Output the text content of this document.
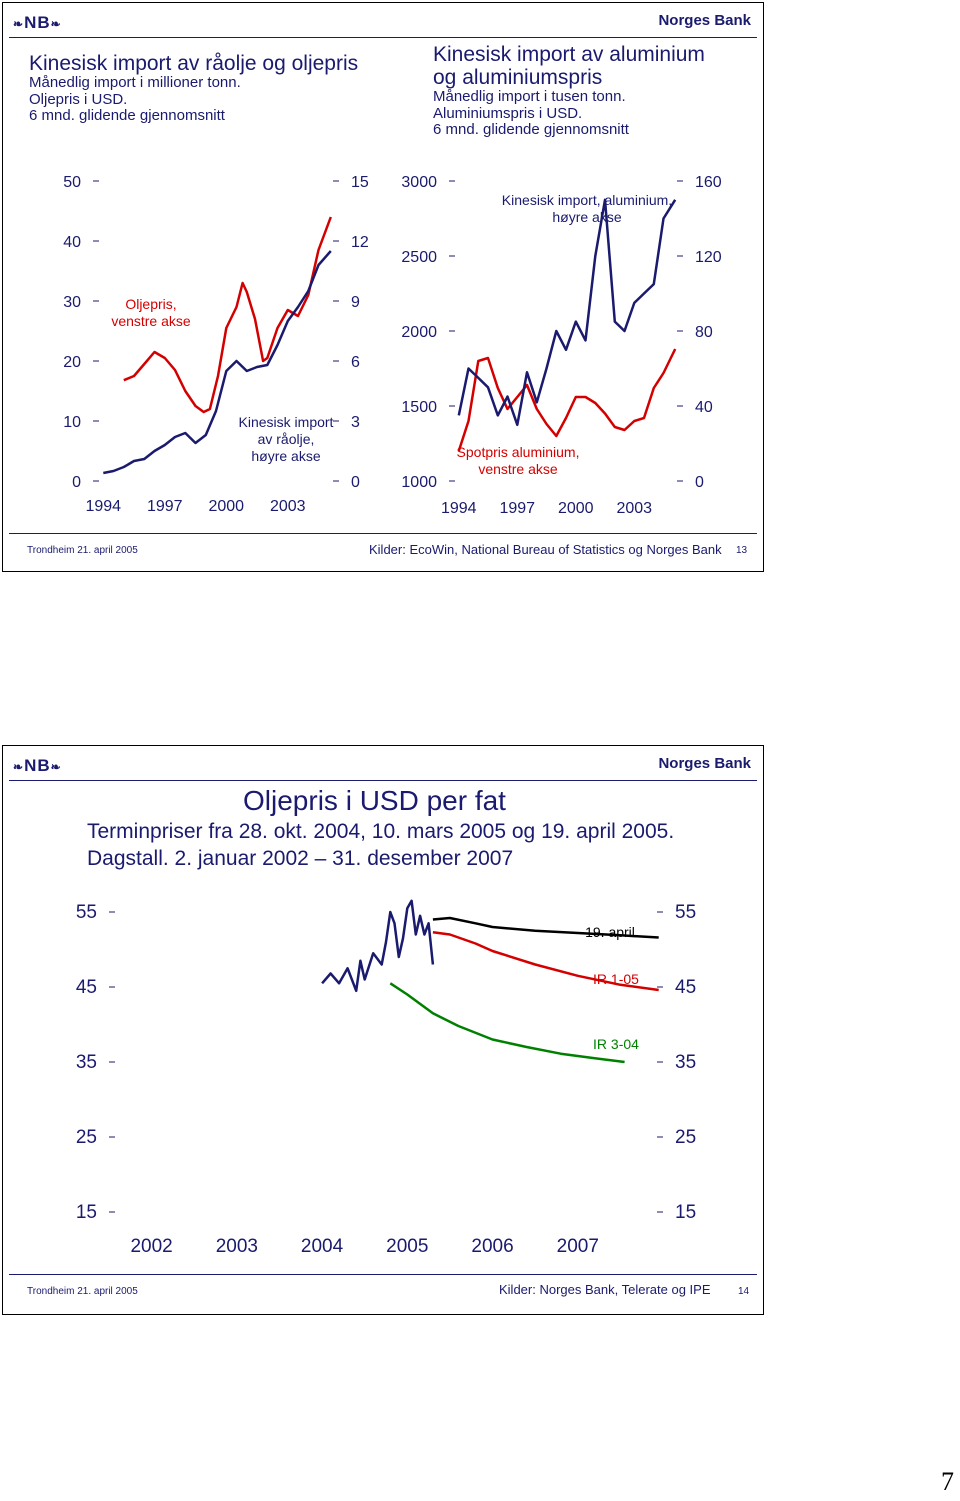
❧NB❧	Norges Bank
Kinesisk import av råolje og oljepris
Månedlig import i millioner tonn.
Oljepris i USD.
6 mnd. glidende gjennomsnitt
Kinesisk import av aluminium
og aluminiumspris
Månedlig import i tusen tonn.
Aluminiumspris i USD.
6 mnd. glidende gjennomsnitt
50
40
30
20
10
0
15
12
9
6
3
0
1994 1997 2000 2003
Oljepris,
venstre akse
Kinesisk import
av råolje,
høyre akse
3000
2500
2000
1500
1000
160
120
80
40
0
1994 1997 2000 2003
Kinesisk import, aluminium,
høyre akse
Spotpris aluminium,
venstre akse
Trondheim 21. april 2005	Kilder: EcoWin, National Bureau of Statistics og Norges Bank 13
❧NB❧	Norges Bank
Oljepris i USD per fat
Terminpriser fra 28. okt. 2004, 10. mars 2005 og 19. april 2005.
Dagstall. 2. januar 2002 – 31. desember 2007
55
45
35
25
15
55
45
35
25
15
2002 2003 2004 2005 2006 2007
19. april
IR 1-05
IR 3-04
Trondheim 21. april 2005	Kilder: Norges Bank, Telerate og IPE	14
7
